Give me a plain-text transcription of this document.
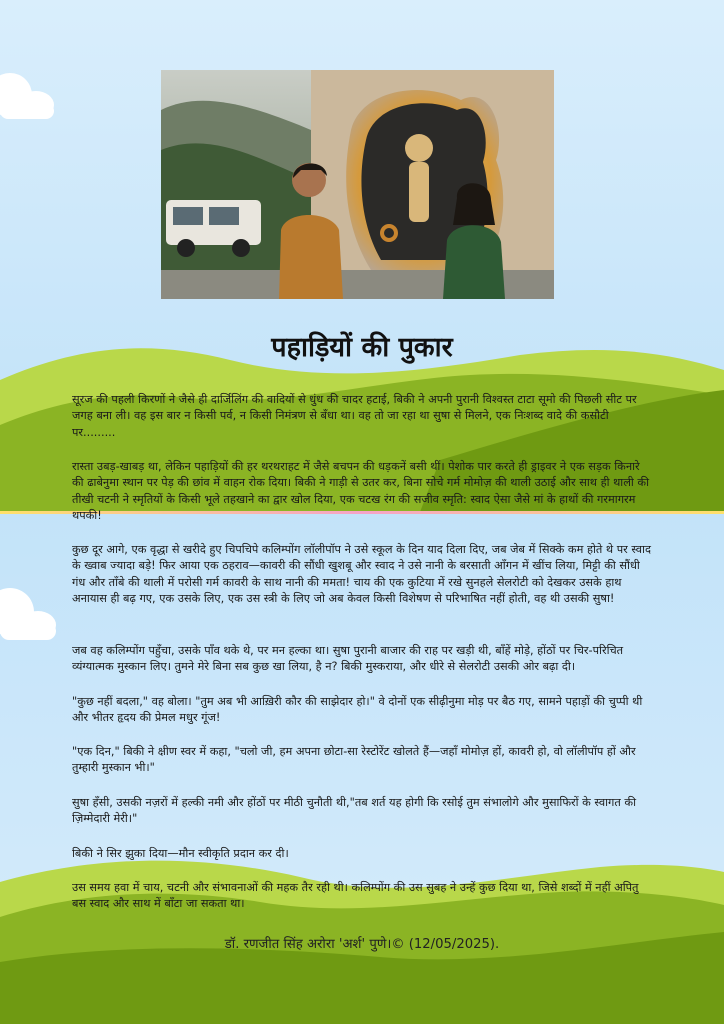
पहाड़ियों की पुकार

सूरज की पहली किरणों ने जैसे ही दार्जिलिंग की वादियों से धुंध की चादर हटाई, बिकी ने अपनी पुरानी विश्वस्त टाटा सूमो की पिछली सीट पर जगह बना ली। वह इस बार न किसी पर्व, न किसी निमंत्रण से बँधा था। वह तो जा रहा था सुषा से मिलने, एक निःशब्द वादे की कसौटी पर.........

रास्ता उबड़-खाबड़ था, लेकिन पहाड़ियों की हर थरथराहट में जैसे बचपन की धड़कनें बसी थीं। पेशोक पार करते ही ड्राइवर ने एक सड़क किनारे की ढाबेनुमा स्थान पर पेड़ की छांव में वाहन रोक दिया। बिकी ने गाड़ी से उतर कर, बिना सोचे गर्म मोमोज़ की थाली उठाई और साथ ही थाली की तीखी चटनी ने स्मृतियों के किसी भूले तहखाने का द्वार खोल दिया, एक चटख रंग की सजीव स्मृति: स्वाद ऐसा जैसे मां के हाथों की गरमागरम थपकी!

कुछ दूर आगे, एक वृद्धा से खरीदे हुए चिपचिपे कलिम्पोंग लॉलीपॉप ने उसे स्कूल के दिन याद दिला दिए, जब जेब में सिक्के कम होते थे पर स्वाद के ख्वाब ज्यादा बड़े! फिर आया एक ठहराव—कावरी की सौंधी खुशबू और स्वाद ने उसे नानी के बरसाती आँगन में खींच लिया, मिट्टी की सौंधी गंध और ताँबे की थाली में परोसी गर्म कावरी के साथ नानी की ममता! चाय की एक कुटिया में रखे सुनहले सेलरोटी को देखकर उसके हाथ अनायास ही बढ़ गए, एक उसके लिए, एक उस स्त्री के लिए जो अब केवल किसी विशेषण से परिभाषित नहीं होती, वह थी उसकी सुषा!

जब वह कलिम्पोंग पहुँचा, उसके पाँव थके थे, पर मन हल्का था। सुषा पुरानी बाजार की राह पर खड़ी थी, बाँहें मोड़े, होंठों पर चिर-परिचित व्यंग्यात्मक मुस्कान लिए। तुमने मेरे बिना सब कुछ खा लिया, है न? बिकी मुस्कराया, और धीरे से सेलरोटी उसकी ओर बढ़ा दी।

"कुछ नहीं बदला," वह बोला। "तुम अब भी आख़िरी कौर की साझेदार हो।" वे दोनों एक सीढ़ीनुमा मोड़ पर बैठ गए, सामने पहाड़ों की चुप्पी थी और भीतर हृदय की प्रेमल मधुर गूंज!

"एक दिन," बिकी ने क्षीण स्वर में कहा, "चलो जी, हम अपना छोटा-सा रेस्टोरेंट खोलते हैं—जहाँ मोमोज़ हों, कावरी हो, वो लॉलीपॉप हों और तुम्हारी मुस्कान भी।"

सुषा हँसी, उसकी नज़रों में हल्की नमी और होंठों पर मीठी चुनौती थी,"तब शर्त यह होगी कि रसोई तुम संभालोगे और मुसाफिरों के स्वागत की ज़िम्मेदारी मेरी।"

बिकी ने सिर झुका दिया—मौन स्वीकृति प्रदान कर दी।

उस समय हवा में चाय, चटनी और संभावनाओं की महक तैर रही थी। कलिम्पोंग की उस सुबह ने उन्हें कुछ दिया था, जिसे शब्दों में नहीं अपितु बस स्वाद और साथ में बाँटा जा सकता था।

डॉ. रणजीत सिंह अरोरा 'अर्श' पुणे।© (12/05/2025).
